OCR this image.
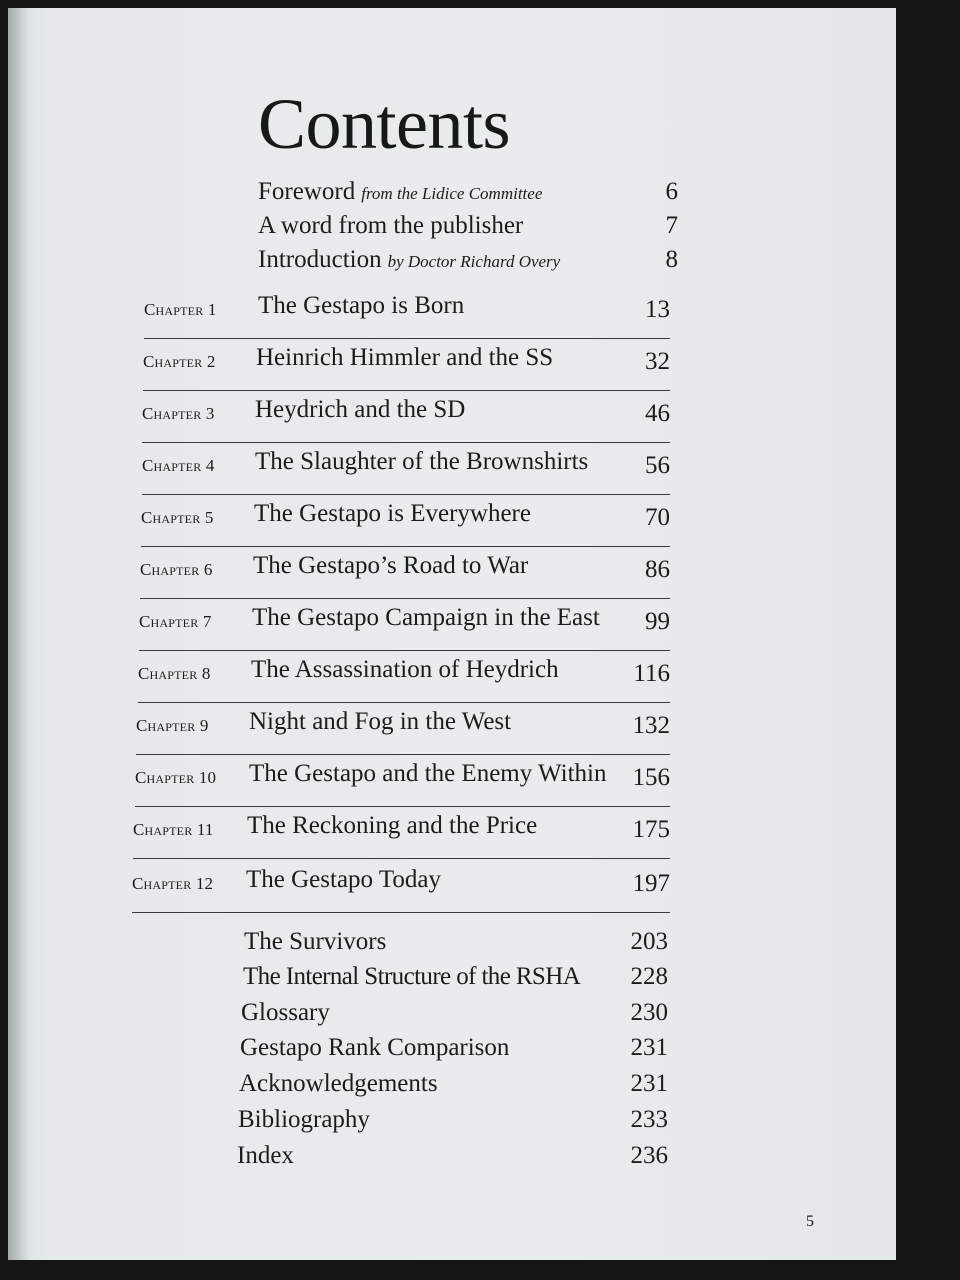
Contents
Foreword from the Lidice Committee	6
A word from the publisher	7
Introduction by Doctor Richard Overy	8
Chapter 1 The Gestapo is Born	13
Chapter 2 Heinrich Himmler and the SS	32
Chapter 3 Heydrich and the SD	46
Chapter 4 The Slaughter of the Brownshirts 56
Chapter 5 The Gestapo is Everywhere	70
Chapter 6 The Gestapo’s Road to War	86
Chapter 7 The Gestapo Campaign in the East 99
Chapter 8 The Assassination of Heydrich	116
Chapter 9 Night and Fog in the West	132
Chapter 10 The Gestapo and the Enemy Within 156
Chapter 11 The Reckoning and the Price	175
Chapter 12 The Gestapo Today	197
The Survivors	203
The Internal Structure of the RSHA 228
Glossary	230
Gestapo Rank Comparison	231
Acknowledgements	231
Bibliography	233
Index	236
5
